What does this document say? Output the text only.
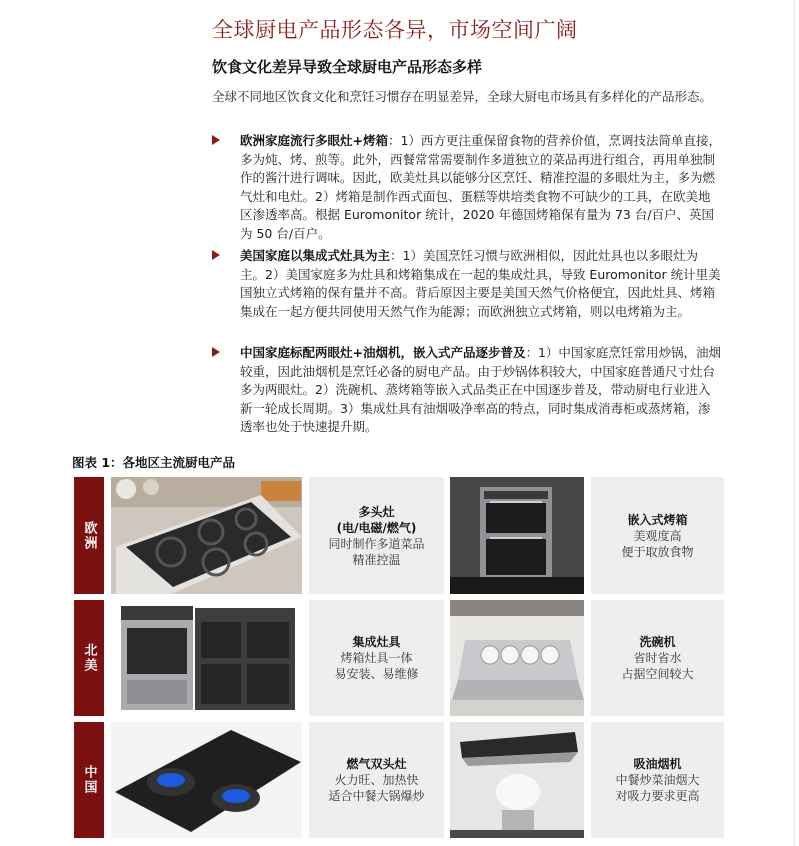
全球厨电产品形态各异，市场空间广阔
饮食文化差异导致全球厨电产品形态多样
全球不同地区饮食文化和烹饪习惯存在明显差异，全球大厨电市场具有多样化的产品形态。
欧洲家庭流行多眼灶+烤箱：1）西方更注重保留食物的营养价值，烹调技法简单直接，多为炖、烤、煎等。此外，西餐常常需要制作多道独立的菜品再进行组合，再用单独制作的酱汁进行调味。因此，欧美灶具以能够分区烹饪、精准控温的多眼灶为主，多为燃气灶和电灶。2）烤箱是制作西式面包、蛋糕等烘培类食物不可缺少的工具，在欧美地区渗透率高。根据 Euromonitor 统计，2020 年德国烤箱保有量为 73 台/百户、英国为 50 台/百户。
美国家庭以集成式灶具为主：1）美国烹饪习惯与欧洲相似，因此灶具也以多眼灶为主。2）美国家庭多为灶具和烤箱集成在一起的集成灶具，导致 Euromonitor 统计里美国独立式烤箱的保有量并不高。背后原因主要是美国天然气价格便宜，因此灶具、烤箱集成在一起方便共同使用天然气作为能源；而欧洲独立式烤箱，则以电烤箱为主。
中国家庭标配两眼灶+油烟机，嵌入式产品逐步普及：1）中国家庭烹饪常用炒锅，油烟较重，因此油烟机是烹饪必备的厨电产品。由于炒锅体积较大，中国家庭普通尺寸灶台多为两眼灶。2）洗碗机、蒸烤箱等嵌入式品类正在中国逐步普及，带动厨电行业进入新一轮成长周期。3）集成灶具有油烟吸净率高的特点，同时集成消毒柜或蒸烤箱，渗透率也处于快速提升期。
图表 1：各地区主流厨电产品
欧洲
多头灶
(电/电磁/燃气)
同时制作多道菜品
精准控温
嵌入式烤箱
美观度高
便于取放食物
北美
集成灶具
烤箱灶具一体
易安装、易维修
洗碗机
省时省水
占据空间较大
中国
燃气双头灶
火力旺、加热快
适合中餐大锅爆炒
吸油烟机
中餐炒菜油烟大
对吸力要求更高
